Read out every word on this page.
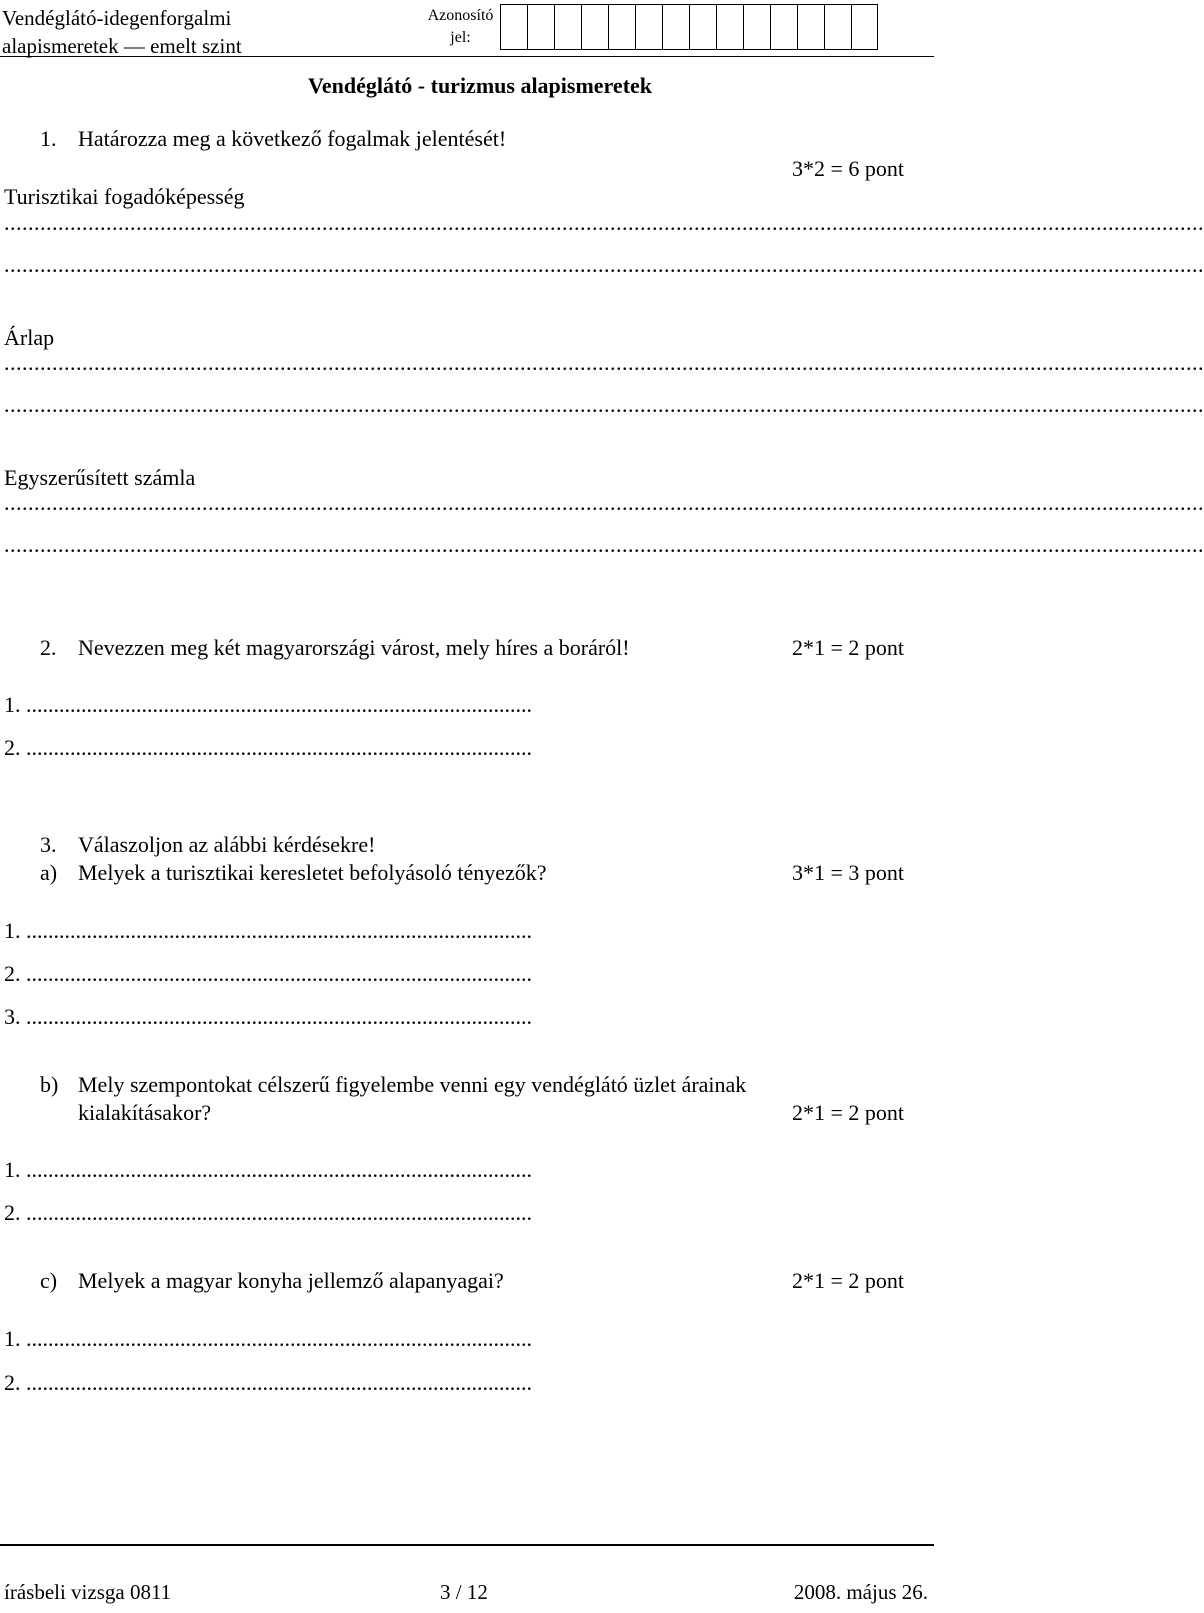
Vendéglátó-idegenforgalmi
alapismeretek — emelt szint
Azonosító
jel:
Vendéglátó - turizmus alapismeretek
1. Határozza meg a következő fogalmak jelentését!
3*2 = 6 pont
Turisztikai fogadóképesség
........................................................................................................................................................................................................
........................................................................................................................................................................................................
Árlap
........................................................................................................................................................................................................
........................................................................................................................................................................................................
Egyszerűsített számla
........................................................................................................................................................................................................
........................................................................................................................................................................................................
2. Nevezzen meg két magyarországi várost, mely híres a boráról!	2*1 = 2 pont
1. ............................................................................................
2. ............................................................................................
3. Válaszoljon az alábbi kérdésekre!
a) Melyek a turisztikai keresletet befolyásoló tényezők?	3*1 = 3 pont
1. ............................................................................................
2. ............................................................................................
3. ............................................................................................
b) Mely szempontokat célszerű figyelembe venni egy vendéglátó üzlet árainak
kialakításakor?	2*1 = 2 pont
1. ............................................................................................
2. ............................................................................................
c) Melyek a magyar konyha jellemző alapanyagai?	2*1 = 2 pont
1. ............................................................................................
2. ............................................................................................
írásbeli vizsga 0811	3 / 12	2008. május 26.
